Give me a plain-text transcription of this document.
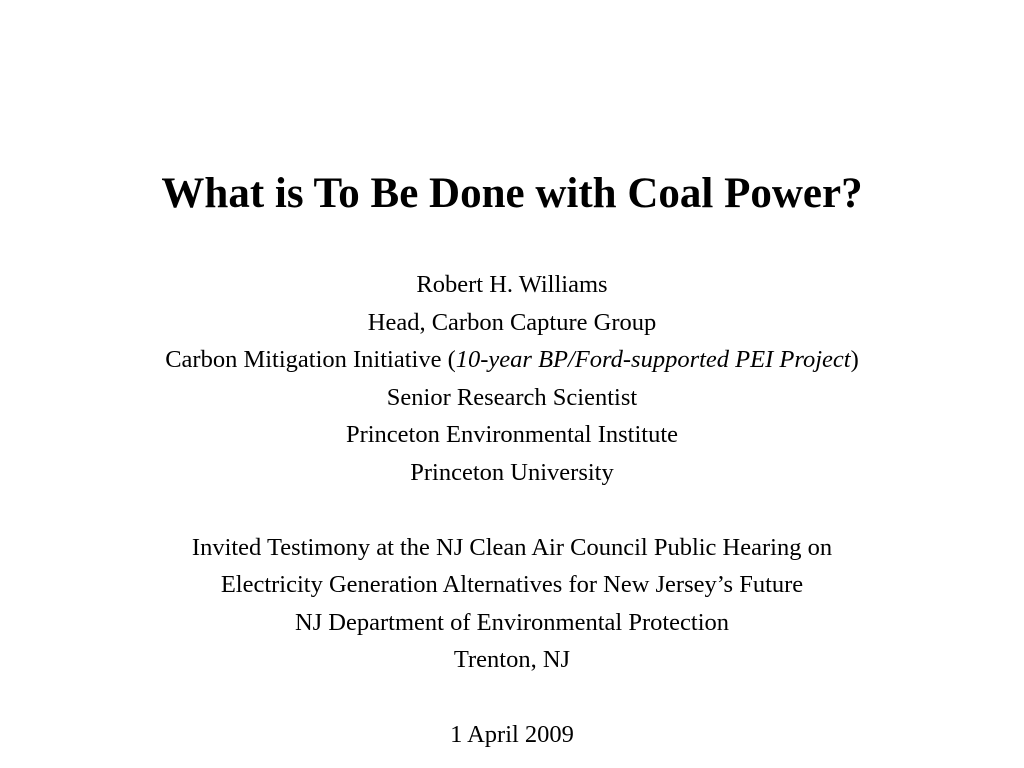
What is To Be Done with Coal Power?
Robert H. Williams
Head, Carbon Capture Group
Carbon Mitigation Initiative (10-year BP/Ford-supported PEI Project)
Senior Research Scientist
Princeton Environmental Institute
Princeton University
Invited Testimony at the NJ Clean Air Council Public Hearing on
Electricity Generation Alternatives for New Jersey’s Future
NJ Department of Environmental Protection
Trenton, NJ
1 April 2009
